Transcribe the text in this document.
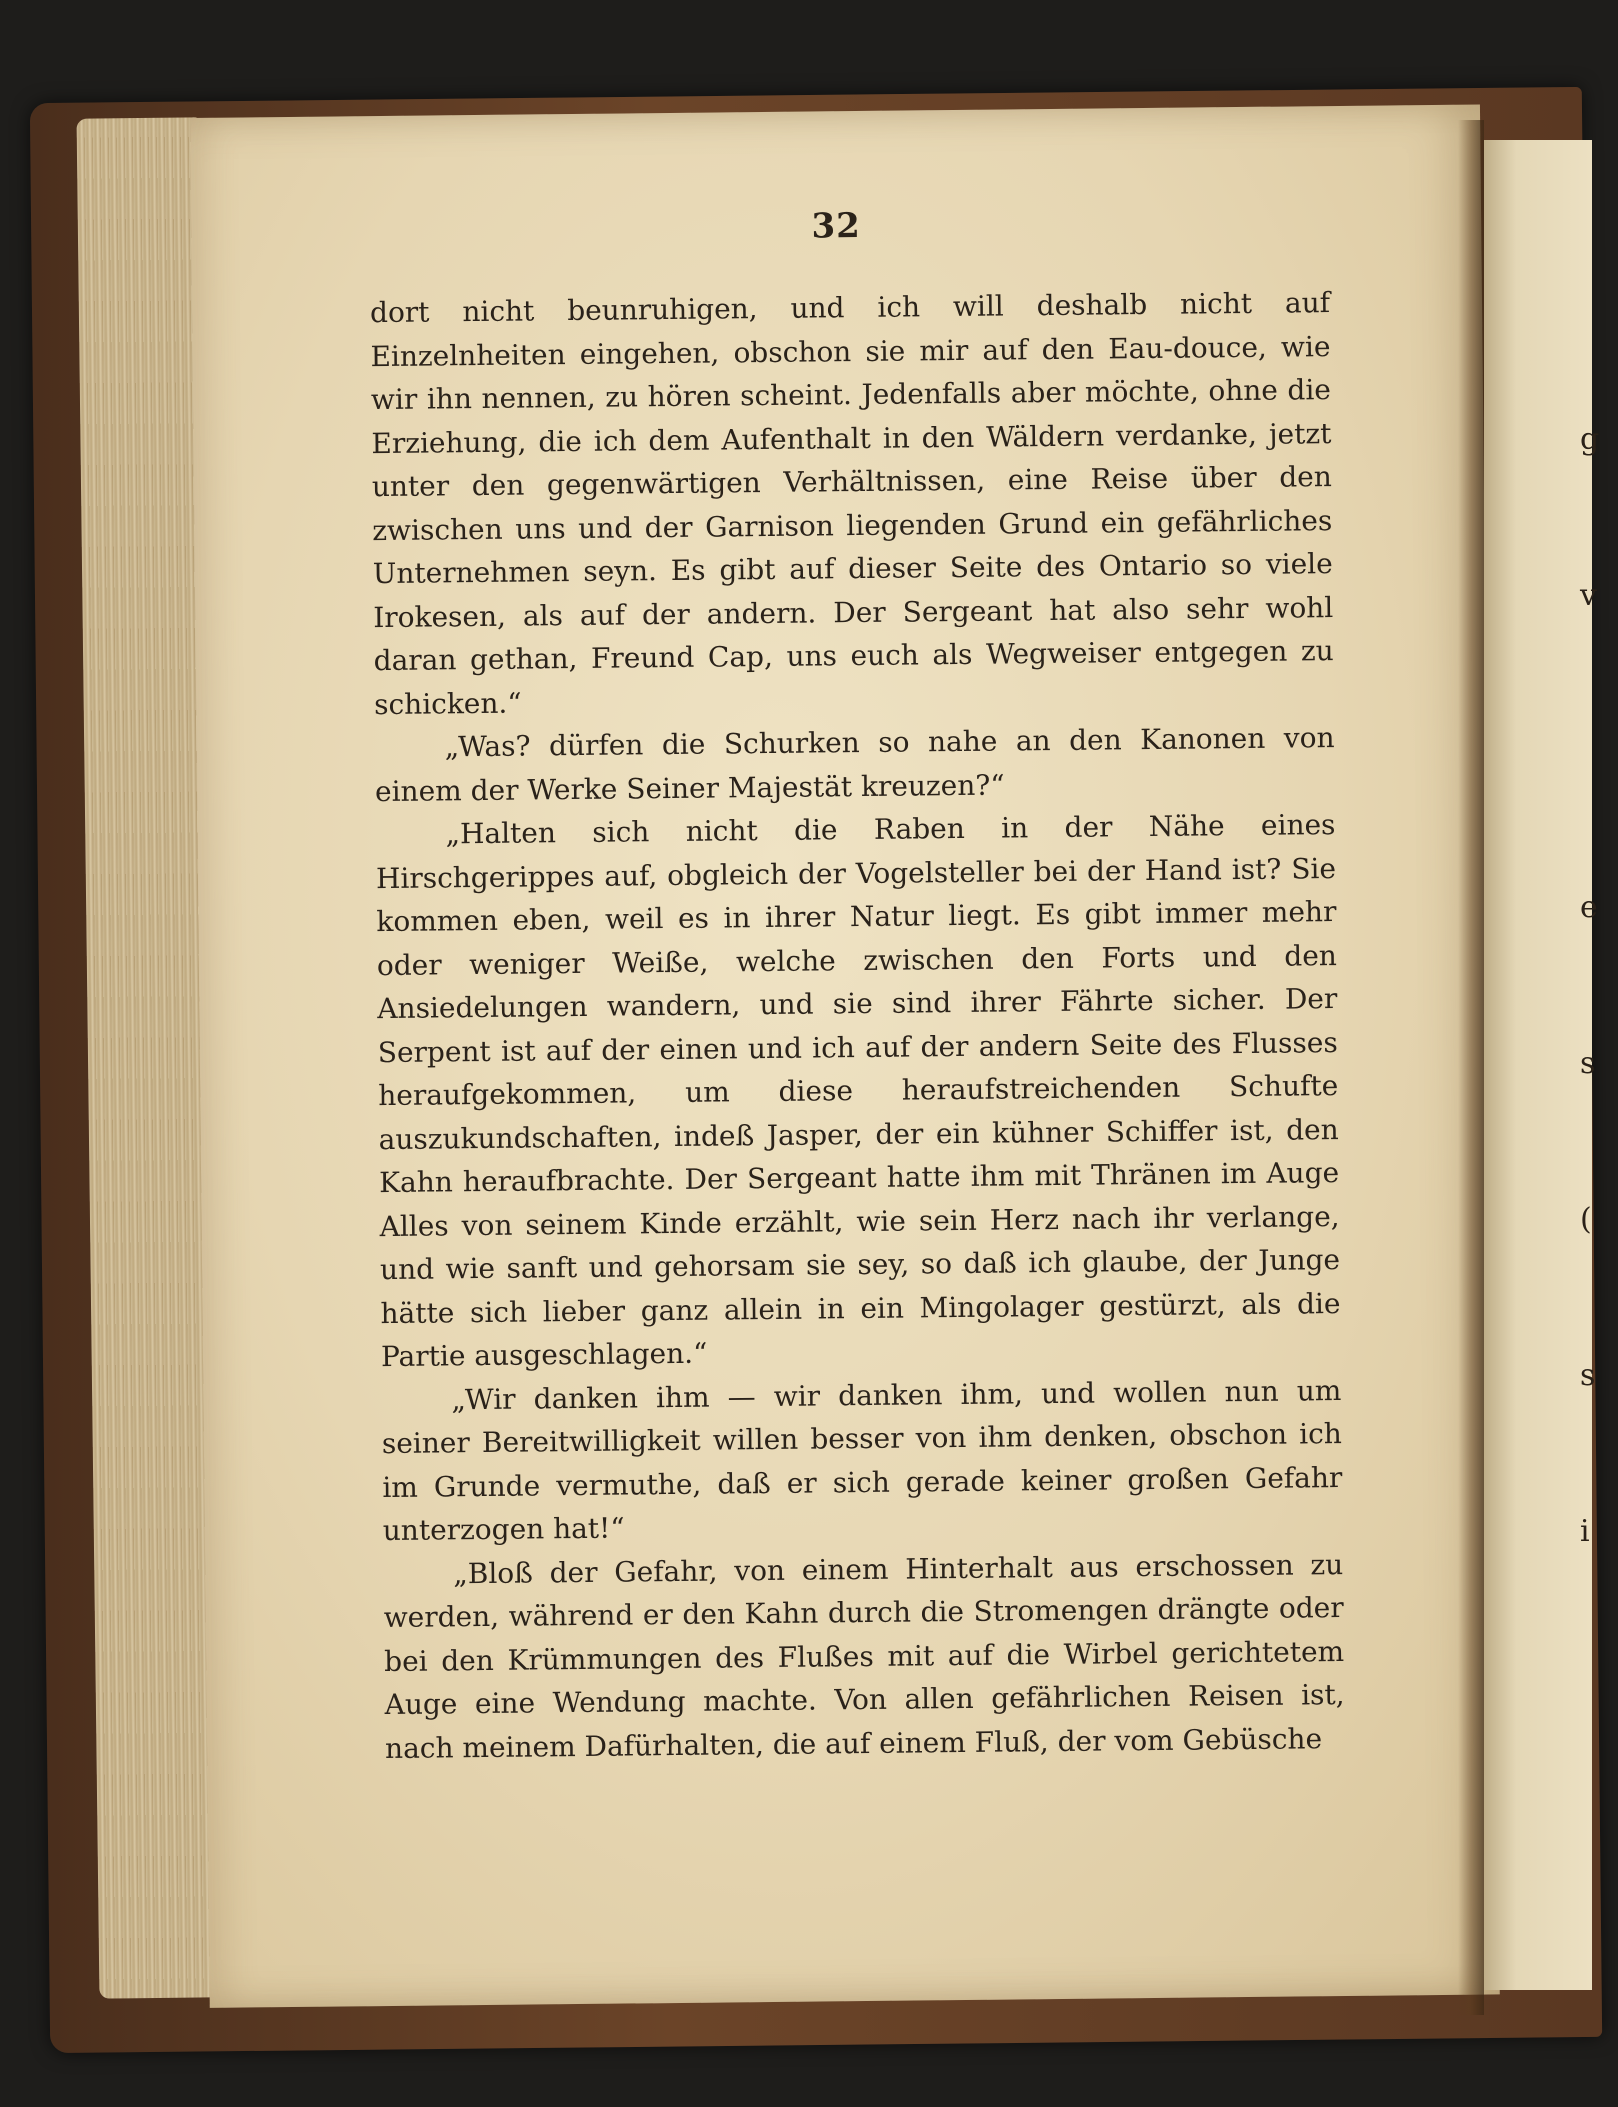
32

dort nicht beunruhigen, und ich will deshalb nicht auf Einzelnheiten eingehen, obschon sie mir auf den Eau-douce, wie wir ihn nennen, zu hören scheint. Jedenfalls aber möchte, ohne die Erziehung, die ich dem Aufenthalt in den Wäldern verdanke, jetzt unter den gegenwärtigen Verhältnissen, eine Reise über den zwischen uns und der Garnison liegenden Grund ein gefährliches Unternehmen seyn. Es gibt auf dieser Seite des Ontario so viele Irokesen, als auf der andern. Der Sergeant hat also sehr wohl daran gethan, Freund Cap, uns euch als Wegweiser entgegen zu schicken.“

„Was? dürfen die Schurken so nahe an den Kanonen von einem der Werke Seiner Majestät kreuzen?“

„Halten sich nicht die Raben in der Nähe eines Hirschgerippes auf, obgleich der Vogelsteller bei der Hand ist? Sie kommen eben, weil es in ihrer Natur liegt. Es gibt immer mehr oder weniger Weiße, welche zwischen den Forts und den Ansiedelungen wandern, und sie sind ihrer Fährte sicher. Der Serpent ist auf der einen und ich auf der andern Seite des Flusses heraufgekommen, um diese heraufstreichenden Schufte auszukundschaften, indeß Jasper, der ein kühner Schiffer ist, den Kahn heraufbrachte. Der Sergeant hatte ihm mit Thränen im Auge Alles von seinem Kinde erzählt, wie sein Herz nach ihr verlange, und wie sanft und gehorsam sie sey, so daß ich glaube, der Junge hätte sich lieber ganz allein in ein Mingolager gestürzt, als die Partie ausgeschlagen.“

„Wir danken ihm — wir danken ihm, und wollen nun um seiner Bereitwilligkeit willen besser von ihm denken, obschon ich im Grunde vermuthe, daß er sich gerade keiner großen Gefahr unterzogen hat!“

„Bloß der Gefahr, von einem Hinterhalt aus erschossen zu werden, während er den Kahn durch die Stromengen drängte oder bei den Krümmungen des Flußes mit auf die Wirbel gerichtetem Auge eine Wendung machte. Von allen gefährlichen Reisen ist, nach meinem Dafürhalten, die auf einem Fluß, der vom Gebüsche

g

v

e

s

(

s

i
